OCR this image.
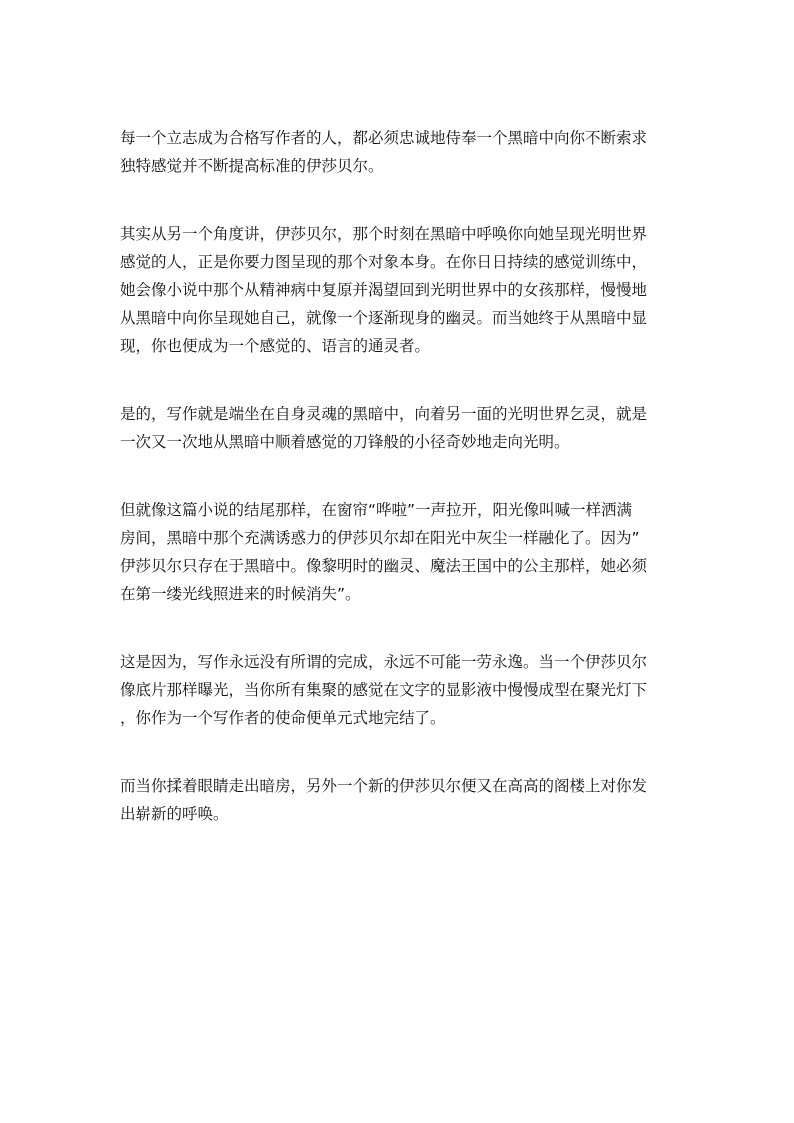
每一个立志成为合格写作者的人，都必须忠诚地侍奉一个黑暗中向你不断索求
独特感觉并不断提高标准的伊莎贝尔。

其实从另一个角度讲，伊莎贝尔，那个时刻在黑暗中呼唤你向她呈现光明世界
感觉的人，正是你要力图呈现的那个对象本身。在你日日持续的感觉训练中，
她会像小说中那个从精神病中复原并渴望回到光明世界中的女孩那样，慢慢地
从黑暗中向你呈现她自己，就像一个逐渐现身的幽灵。而当她终于从黑暗中显
现，你也便成为一个感觉的、语言的通灵者。

是的，写作就是端坐在自身灵魂的黑暗中，向着另一面的光明世界乞灵，就是
一次又一次地从黑暗中顺着感觉的刀锋般的小径奇妙地走向光明。

但就像这篇小说的结尾那样，在窗帘“哗啦”一声拉开，阳光像叫喊一样洒满
房间，黑暗中那个充满诱惑力的伊莎贝尔却在阳光中灰尘一样融化了。因为”
伊莎贝尔只存在于黑暗中。像黎明时的幽灵、魔法王国中的公主那样，她必须
在第一缕光线照进来的时候消失”。

这是因为，写作永远没有所谓的完成，永远不可能一劳永逸。当一个伊莎贝尔
像底片那样曝光，当你所有集聚的感觉在文字的显影液中慢慢成型在聚光灯下
，你作为一个写作者的使命便单元式地完结了。

而当你揉着眼睛走出暗房，另外一个新的伊莎贝尔便又在高高的阁楼上对你发
出崭新的呼唤。
